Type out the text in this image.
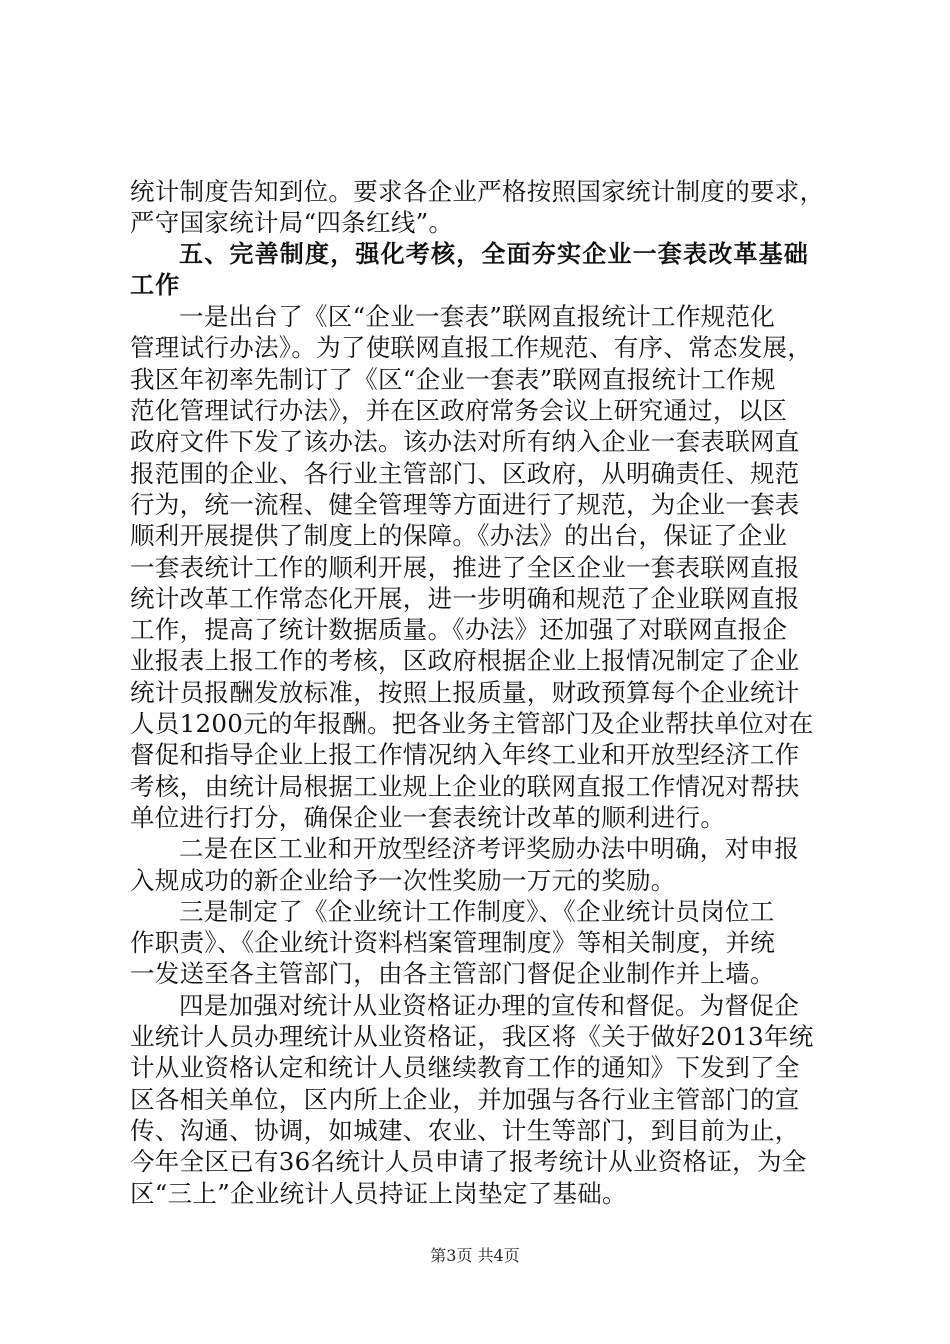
统计制度告知到位。要求各企业严格按照国家统计制度的要求，
严守国家统计局“四条红线”。
五、完善制度，强化考核，全面夯实企业一套表改革基础
工作
一是出台了《区“企业一套表”联网直报统计工作规范化
管理试行办法》。为了使联网直报工作规范、有序、常态发展，
我区年初率先制订了《区“企业一套表”联网直报统计工作规
范化管理试行办法》，并在区政府常务会议上研究通过，以区
政府文件下发了该办法。该办法对所有纳入企业一套表联网直
报范围的企业、各行业主管部门、区政府，从明确责任、规范
行为，统一流程、健全管理等方面进行了规范，为企业一套表
顺利开展提供了制度上的保障。《办法》的出台，保证了企业
一套表统计工作的顺利开展，推进了全区企业一套表联网直报
统计改革工作常态化开展，进一步明确和规范了企业联网直报
工作，提高了统计数据质量。《办法》还加强了对联网直报企
业报表上报工作的考核，区政府根据企业上报情况制定了企业
统计员报酬发放标准，按照上报质量，财政预算每个企业统计
人员1200元的年报酬。把各业务主管部门及企业帮扶单位对在
督促和指导企业上报工作情况纳入年终工业和开放型经济工作
考核，由统计局根据工业规上企业的联网直报工作情况对帮扶
单位进行打分，确保企业一套表统计改革的顺利进行。
二是在区工业和开放型经济考评奖励办法中明确，对申报
入规成功的新企业给予一次性奖励一万元的奖励。
三是制定了《企业统计工作制度》、《企业统计员岗位工
作职责》、《企业统计资料档案管理制度》等相关制度，并统
一发送至各主管部门，由各主管部门督促企业制作并上墙。
四是加强对统计从业资格证办理的宣传和督促。为督促企
业统计人员办理统计从业资格证，我区将《关于做好2013年统
计从业资格认定和统计人员继续教育工作的通知》下发到了全
区各相关单位，区内所上企业，并加强与各行业主管部门的宣
传、沟通、协调，如城建、农业、计生等部门，到目前为止，
今年全区已有36名统计人员申请了报考统计从业资格证，为全
区“三上”企业统计人员持证上岗垫定了基础。
第3页 共4页
